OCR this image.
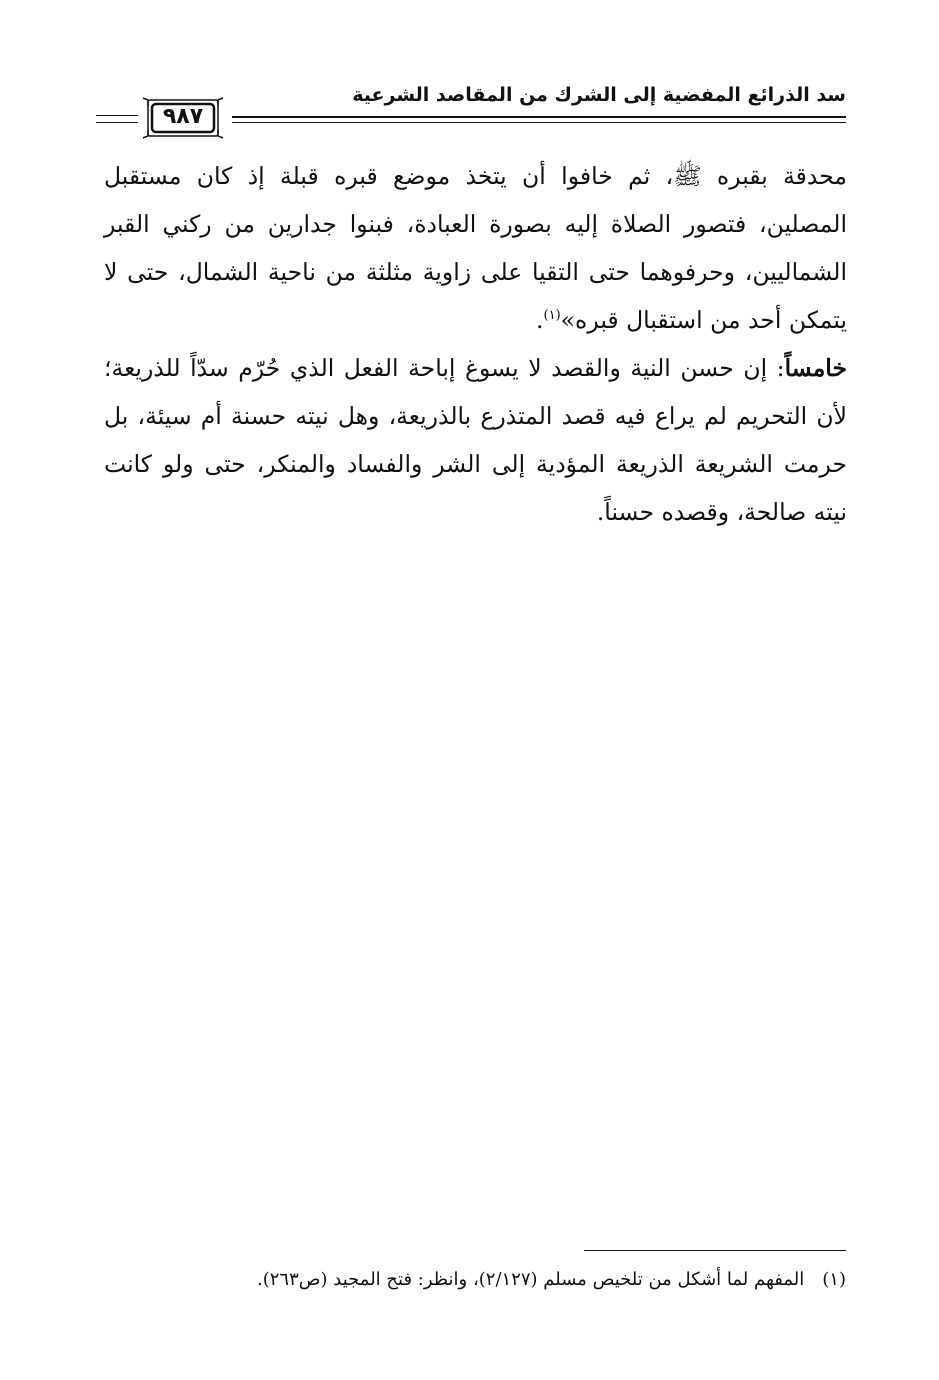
سد الذرائع المفضية إلى الشرك من المقاصد الشرعية
٩٨٧

محدقة بقبره ﷺ، ثم خافوا أن يتخذ موضع قبره قبلة إذ كان مستقبل المصلين، فتصور الصلاة إليه بصورة العبادة، فبنوا جدارين من ركني القبر الشماليين، وحرفوهما حتى التقيا على زاوية مثلثة من ناحية الشمال، حتى لا يتمكن أحد من استقبال قبره»$^{(١)}$.

خامساً: إن حسن النية والقصد لا يسوغ إباحة الفعل الذي حُرّم سدّاً للذريعة؛ لأن التحريم لم يراع فيه قصد المتذرع بالذريعة، وهل نيته حسنة أم سيئة، بل حرمت الشريعة الذريعة المؤدية إلى الشر والفساد والمنكر، حتى ولو كانت نيته صالحة، وقصده حسناً.

(١)المفهم لما أشكل من تلخيص مسلم (٢/١٢٧)، وانظر: فتح المجيد (ص٢٦٣).
